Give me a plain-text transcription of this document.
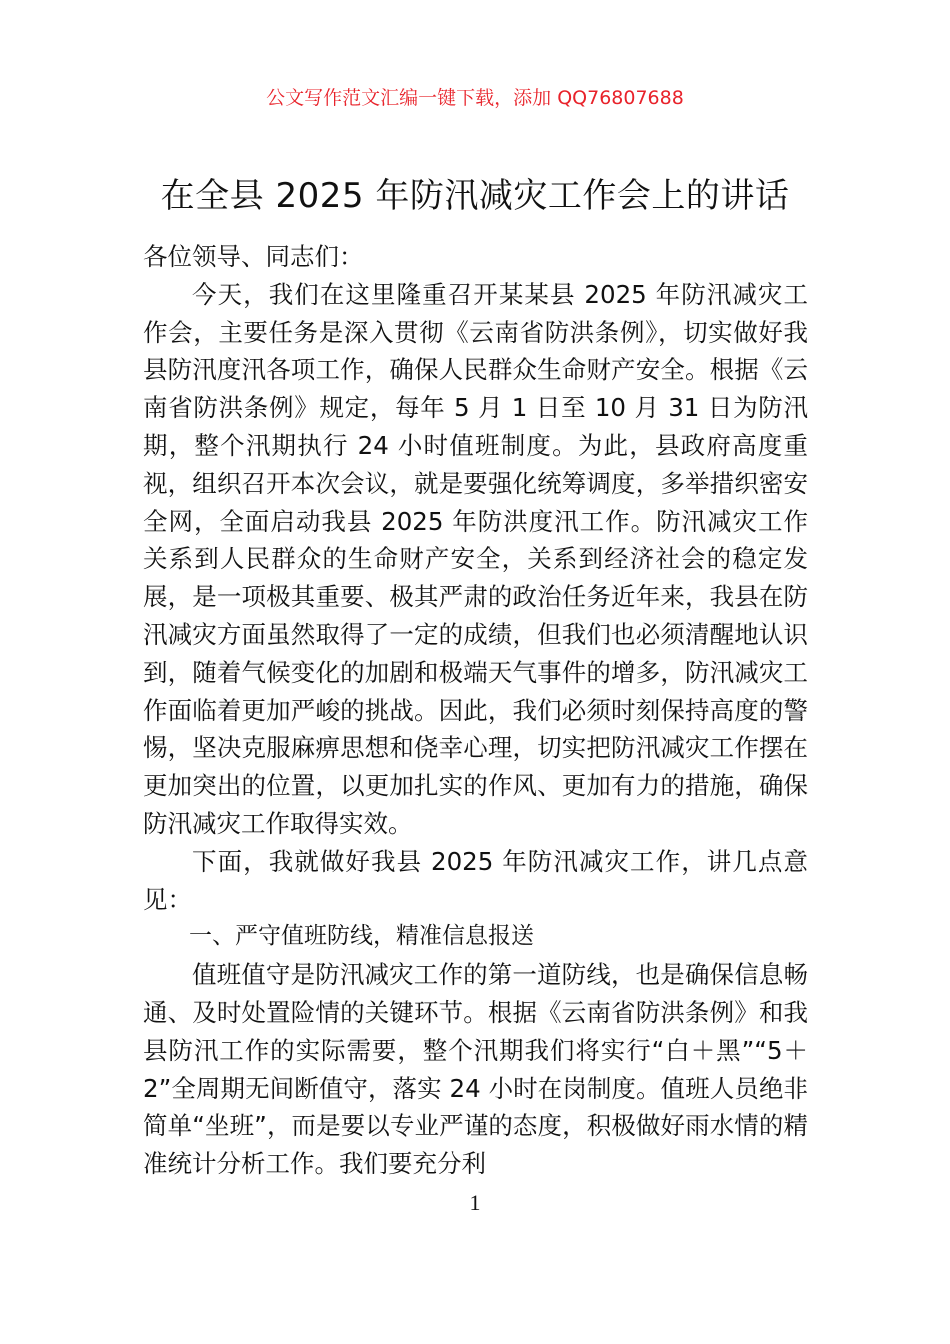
公文写作范文汇编一键下载，添加 QQ76807688
在全县 2025 年防汛减灾工作会上的讲话

各位领导、同志们：

今天，我们在这里隆重召开某某县 2025 年防汛减灾工作会，主要任务是深入贯彻《云南省防洪条例》，切实做好我县防汛度汛各项工作，确保人民群众生命财产安全。根据《云南省防洪条例》规定，每年 5 月 1 日至 10 月 31 日为防汛期，整个汛期执行 24 小时值班制度。为此，县政府高度重视，组织召开本次会议，就是要强化统筹调度，多举措织密安全网，全面启动我县 2025 年防洪度汛工作。防汛减灾工作关系到人民群众的生命财产安全，关系到经济社会的稳定发展，是一项极其重要、极其严肃的政治任务近年来，我县在防汛减灾方面虽然取得了一定的成绩，但我们也必须清醒地认识到，随着气候变化的加剧和极端天气事件的增多，防汛减灾工作面临着更加严峻的挑战。因此，我们必须时刻保持高度的警惕，坚决克服麻痹思想和侥幸心理，切实把防汛减灾工作摆在更加突出的位置，以更加扎实的作风、更加有力的措施，确保防汛减灾工作取得实效。

下面，我就做好我县 2025 年防汛减灾工作，讲几点意见：

一、严守值班防线，精准信息报送

值班值守是防汛减灾工作的第一道防线，也是确保信息畅通、及时处置险情的关键环节。根据《云南省防洪条例》和我县防汛工作的实际需要，整个汛期我们将实行“白＋黑”“5＋2”全周期无间断值守，落实 24 小时在岗制度。值班人员绝非简单“坐班”，而是要以专业严谨的态度，积极做好雨水情的精准统计分析工作。我们要充分利

1
